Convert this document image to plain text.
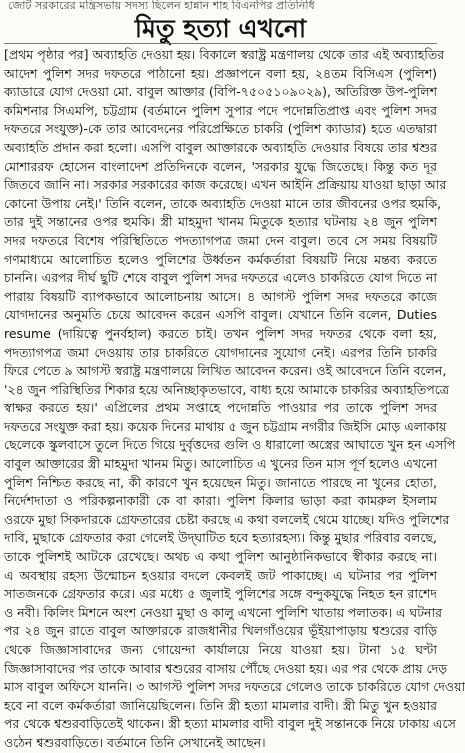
জোট সরকারের মন্ত্রিসভায় সদস্য ছিলেন হান্নান শাহ বিএনপির প্রতিনিধি
মিতু হত্যা এখনো
[প্রথম পৃষ্ঠার পর] অব্যাহতি দেওয়া হয়। বিকালে স্বরাষ্ট্র মন্ত্রণালয় থেকে তার এই অব্যাহতির
আদেশ পুলিশ সদর দফতরে পাঠানো হয়। প্রজ্ঞাপনে বলা হয়, ২৪তম বিসিএস (পুলিশ)
ক্যাডারে যোগ দেওয়া মো. বাবুল আক্তার (বিপি-৭৫০৫১০৯০২৯), অতিরিক্ত উপ-পুলিশ
কমিশনার সিএমপি, চট্টগ্রাম (বর্তমানে পুলিশ সুপার পদে পদোন্নতিপ্রাপ্ত এবং পুলিশ সদর
দফতরে সংযুক্ত)-কে তার আবেদনের পরিপ্রেক্ষিতে চাকরি (পুলিশ ক্যাডার) হতে এতদ্বারা
অব্যাহতি প্রদান করা হলো। এসপি বাবুল আক্তারকে অব্যাহতি দেওয়ার বিষয়ে তার শ্বশুর
মোশাররফ হোসেন বাংলাদেশ প্রতিদিনকে বলেন, 'সরকার যুদ্ধে জিতেছে। কিন্তু কত দূর
জিতবে জানি না। সরকার সরকারের কাজ করেছে। এখন আইনি প্রক্রিয়ায় যাওয়া ছাড়া আর
কোনো উপায় নেই।' তিনি বলেন, তাকে অব্যাহতি দেওয়া মানে তার জীবনের ওপর হুমকি,
তার দুই সন্তানের ওপর হুমকি। স্ত্রী মাহমুদা খানম মিতুকে হত্যার ঘটনায় ২৪ জুন পুলিশ
সদর দফতরে বিশেষ পরিস্থিতিতে পদত্যাগপত্র জমা দেন বাবুল। তবে সে সময় বিষয়টি
গণমাধ্যমে আলোচিত হলেও পুলিশের উর্ধ্বতন কর্মকর্তারা বিষয়টি নিয়ে মন্তব্য করতে
চাননি। এরপর দীর্ঘ ছুটি শেষে বাবুল পুলিশ সদর দফতরে এলেও চাকরিতে যোগ দিতে না
পারায় বিষয়টি ব্যাপকভাবে আলোচনায় আসে। ৪ আগস্ট পুলিশ সদর দফতরে কাজে
যোগদানের অনুমতি চেয়ে আবেদন করেন এসপি বাবুল। যেখানে তিনি বলেন, Duties
resume (দায়িত্বে পুনর্বহাল) করতে চাই। তখন পুলিশ সদর দফতর থেকে বলা হয়,
পদত্যাগপত্র জমা দেওয়ায় তার চাকরিতে যোগদানের সুযোগ নেই। এরপর তিনি চাকরি
ফিরে পেতে ৯ আগস্ট স্বরাষ্ট্র মন্ত্রণালয়ে লিখিত আবেদন করেন। ওই আবেদনে তিনি বলেন,
'২৪ জুন পরিস্থিতির শিকার হয়ে অনিচ্ছাকৃতভাবে, বাধ্য হয়ে আমাকে চাকরির অব্যাহতিপত্রে
স্বাক্ষর করতে হয়।' এপ্রিলের প্রথম সপ্তাহে পদোন্নতি পাওয়ার পর তাকে পুলিশ সদর
দফতরে সংযুক্ত করা হয়। কয়েক দিনের মাথায় ৫ জুন চট্টগ্রাম নগরীর জিইসি মোড় এলাকায়
ছেলেকে স্কুলবাসে তুলে দিতে গিয়ে দুর্বৃত্তদের গুলি ও ধারালো অস্ত্রের আঘাতে খুন হন এসপি
বাবুল আক্তারের স্ত্রী মাহমুদা খানম মিতু। আলোচিত এ খুনের তিন মাস পূর্ণ হলেও এখনো
পুলিশ নিশ্চিত করছে না, কী কারণে খুন হয়েছেন মিতু। জানাতে পারছে না খুনের হোতা,
নির্দেশদাতা ও পরিকল্পনাকারী কে বা কারা। পুলিশ কিলার ভাড়া করা কামরুল ইসলাম
ওরফে মুছা সিকদারকে গ্রেফতারের চেষ্টা করছে এ কথা বললেই থেমে যাচ্ছে। যদিও পুলিশের
দাবি, মুছাকে গ্রেফতার করা গেলেই উদ্‌ঘাটিত হবে হত্যারহস্য। কিন্তু মুছার পরিবার বলছে,
তাকে পুলিশই আটকে রেখেছে। অথচ এ কথা পুলিশ আনুষ্ঠানিকভাবে স্বীকার করছে না।
এ অবস্থায় রহস্য উন্মোচন হওয়ার বদলে কেবলই জট পাকাচ্ছে। এ ঘটনার পর পুলিশ
সাতজনকে গ্রেফতার করে। এর মধ্যে ৫ জুলাই পুলিশের সঙ্গে বন্দুকযুদ্ধে নিহত হন রাশেদ
ও নবী। কিলিং মিশনে অংশ নেওয়া মুছা ও কালু এখনো পুলিশি খাতায় পলাতক। এ ঘটনার
পর ২৪ জুন রাতে বাবুল আক্তারকে রাজধানীর খিলগাঁওয়ের ভূঁইয়াপাড়ায় শ্বশুরের বাড়ি
থেকে জিজ্ঞাসাবাদের জন্য গোয়েন্দা কার্যালয়ে নিয়ে যাওয়া হয়। টানা ১৫ ঘণ্টা
জিজ্ঞাসাবাদের পর তাকে আবার শ্বশুরের বাসায় পৌঁছে দেওয়া হয়। এর পর থেকে প্রায় দেড়
মাস বাবুল অফিসে যাননি। ৩ আগস্ট পুলিশ সদর দফতরে গেলেও তাকে চাকরিতে যোগ দেওয়া
হবে না বলে কর্মকর্তারা জানিয়েছিলেন। তিনি স্ত্রী হত্যা মামলার বাদী। স্ত্রী মিতু খুন হওয়ার
পর থেকে শ্বশুরবাড়িতেই থাকেন। স্ত্রী হত্যা মামলার বাদী বাবুল দুই সন্তানকে নিয়ে ঢাকায় এসে
ওঠেন শ্বশুরবাড়িতে। বর্তমানে তিনি সেখানেই আছেন।
